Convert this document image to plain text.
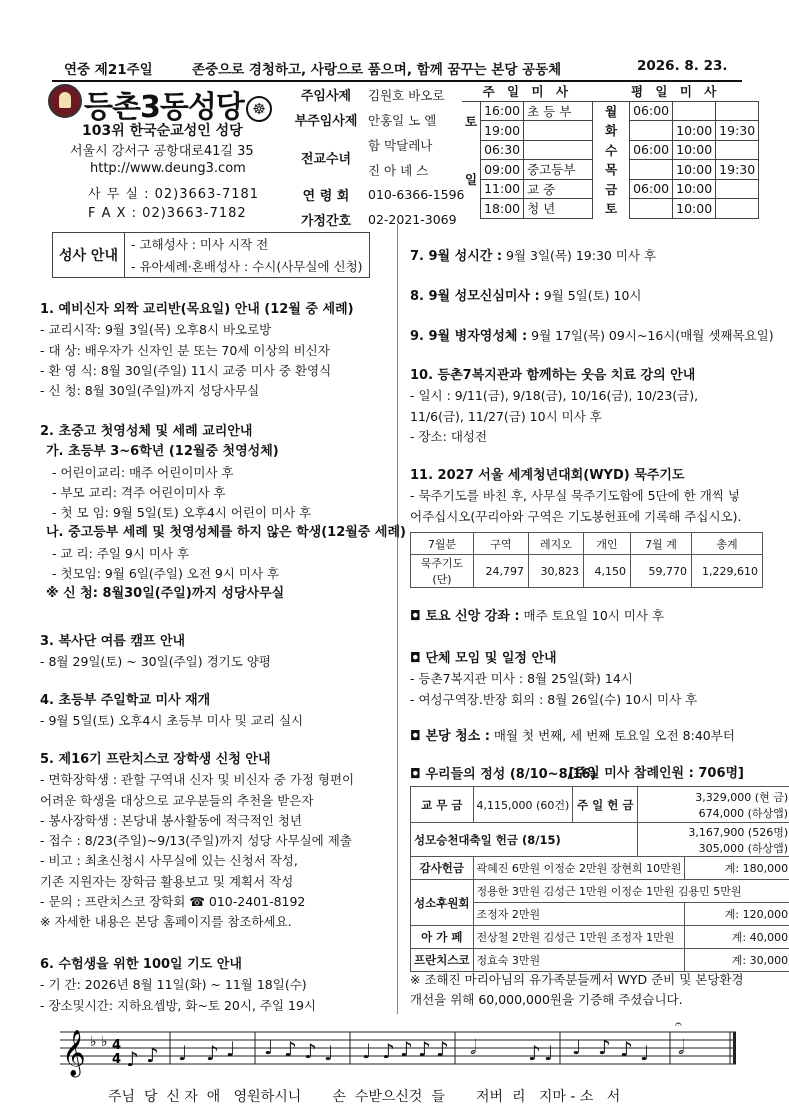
연중 제21주일	존중으로 경청하고, 사랑으로 품으며, 함께 꿈꾸는 본당 공동체	2026. 8. 23.
등촌3동성당 ☸
103위 한국순교성인 성당
서울시 강서구 공항대로41길 35
http://www.deung3.com
사 무 실 : 02)3663-7181
F A X : 02)3663-7182
주임사제	김원호 바오로
부주임사제	안홍일 노 엘
전교수녀	함 막달레나
	진 아 녜 스
연 령 회	010-6366-1596
가정간호	02-2021-3069
주 일 미 사			평 일 미 사			
토	16:00	초 등 부	월	06:00		
	19:00		화		10:00	19:30
일	06:30		수	06:00	10:00	
	09:00	중고등부	목		10:00	19:30
	11:00	교 중	금	06:00	10:00	
	18:00	청 년	토		10:00	
성사 안내	- 고해성사 : 미사 시작 전
- 유아세례·혼배성사 : 수시(사무실에 신청)
1. 예비신자 외짝 교리반(목요일) 안내 (12월 중 세례)
- 교리시작: 9월 3일(목) 오후8시 바오로방
- 대 상: 배우자가 신자인 분 또는 70세 이상의 비신자
- 환 영 식: 8월 30일(주일) 11시 교중 미사 중 환영식
- 신 청: 8월 30일(주일)까지 성당사무실
2. 초중고 첫영성체 및 세례 교리안내
가. 초등부 3~6학년 (12월중 첫영성체)
- 어린이교리: 매주 어린이미사 후
- 부모 교리: 격주 어린이미사 후
- 첫 모 임: 9월 5일(토) 오후4시 어린이 미사 후
나. 중고등부 세례 및 첫영성체를 하지 않은 학생(12월중 세례)
- 교 리: 주일 9시 미사 후
- 첫모임: 9월 6일(주일) 오전 9시 미사 후
※ 신 청: 8월30일(주일)까지 성당사무실
3. 복사단 여름 캠프 안내
- 8월 29일(토) ~ 30일(주일) 경기도 양평
4. 초등부 주일학교 미사 재개
- 9월 5일(토) 오후4시 초등부 미사 및 교리 실시
5. 제16기 프란치스코 장학생 신청 안내
- 면학장학생 : 관할 구역내 신자 및 비신자 중 가정 형편이
어려운 학생을 대상으로 교우분들의 추천을 받은자
- 봉사장학생 : 본당내 봉사활동에 적극적인 청년
- 접수 : 8/23(주일)~9/13(주일)까지 성당 사무실에 제출
- 비고 : 최초신청시 사무실에 있는 신청서 작성,
기존 지원자는 장학금 활용보고 및 계획서 작성
- 문의 : 프란치스코 장학회 ☎ 010-2401-8192
※ 자세한 내용은 본당 홈페이지를 참조하세요.
6. 수험생을 위한 100일 기도 안내
- 기 간: 2026년 8월 11일(화) ~ 11월 18일(수)
- 장소및시간: 지하요셉방, 화~토 20시, 주일 19시
7. 9월 성시간 : 9월 3일(목) 19:30 미사 후
8. 9월 성모신심미사 : 9월 5일(토) 10시
9. 9월 병자영성체 : 9월 17일(목) 09시~16시(매월 셋째목요일)
10. 등촌7복지관과 함께하는 웃음 치료 강의 안내
- 일시 : 9/11(금), 9/18(금), 10/16(금), 10/23(금),
11/6(금), 11/27(금) 10시 미사 후
- 장소: 대성전
11. 2027 서울 세계청년대회(WYD) 묵주기도
- 묵주기도를 바친 후, 사무실 묵주기도함에 5단에 한 개씩 넣
어주십시오(꾸리아와 구역은 기도봉헌표에 기록해 주십시오).
7월분	구역	레지오	개인	7월 계	총계
묵주기도(단)	24,797	30,823	4,150	59,770	1,229,610
◘ 토요 신앙 강좌 : 매주 토요일 10시 미사 후
◘ 단체 모임 및 일정 안내
- 등촌7복지관 미사 : 8월 25일(화) 14시
- 여성구역장.반장 회의 : 8월 26일(수) 10시 미사 후
◘ 본당 청소 : 매월 첫 번째, 세 번째 토요일 오전 8:40부터
◘ 우리들의 정성 (8/10~8/16)
[주일 미사 참례인원 : 706명]
교 무 금	4,115,000 (60건)	주 일 헌 금	3,329,000 (현 금)
674,000 (하상앱)	

성모승천대축일 헌금 (8/15)			3,167,900 (526명)
305,000 (하상앱)	

감사헌금	곽혜진 6만원 이정순 2만원 장현희 10만원			계: 180,000
성소후원회	정용한 3만원 김성근 1만원 이정순 1만원 김용민 5만원			
	조정자 2만원			계: 120,000
아 가 페	전상철 2만원 김성근 1만원 조정자 1만원			계: 40,000
프란치스코	정효숙 3만원			계: 30,000
※ 조해진 마리아님의 유가족분들께서 WYD 준비 및 본당환경
개선을 위해 60,000,000원을 기증해 주셨습니다.
𝄞 ♭ ♭ 4
4 ♪ ♪ ♩ ♪ ♩ ♩ ♪ ♪ ♩ ♩ ♪ ♪ ♪ ♪ 𝅗𝅥	♪ ♩ ♩ ♪ ♪ ♩ 𝅗𝅥
𝄐
주님  당  신 자  애   영원하시니       손  수받으신것  들       저버  리   지마 - 소   서
